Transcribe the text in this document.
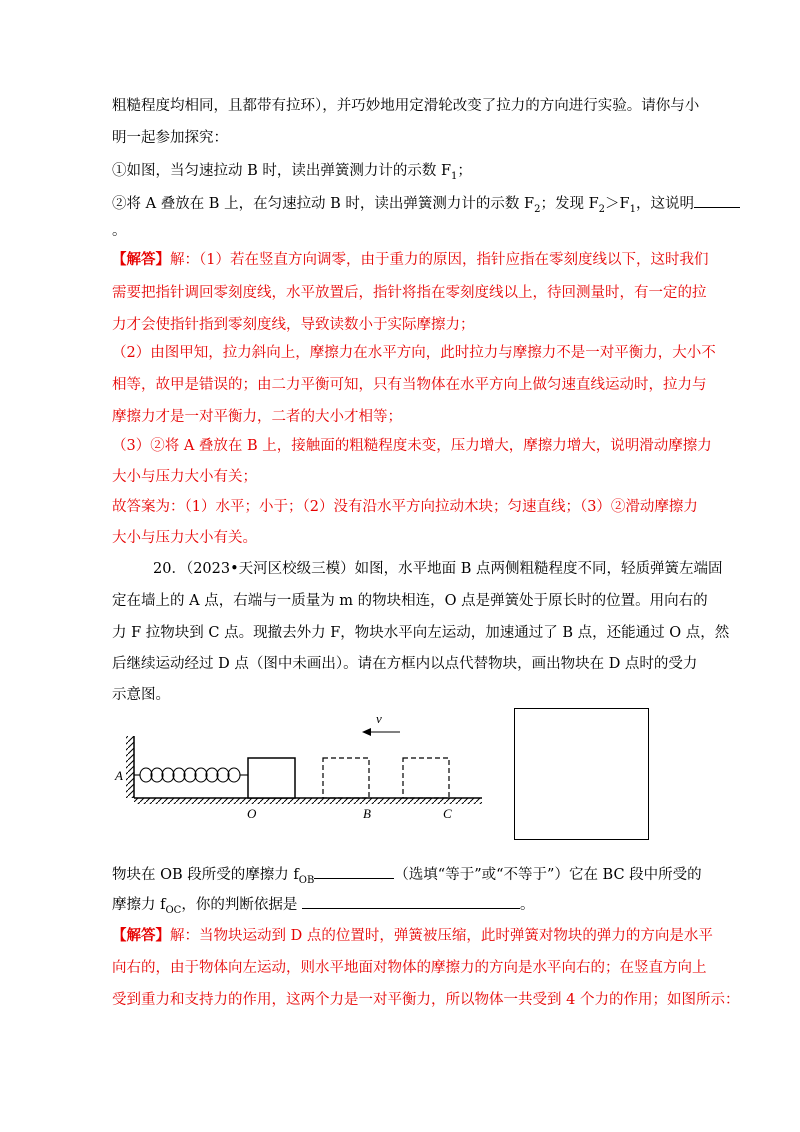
粗糙程度均相同，且都带有拉环），并巧妙地用定滑轮改变了拉力的方向进行实验。请你与小
明一起参加探究：
①如图，当匀速拉动 B 时，读出弹簧测力计的示数 $F_1$；
②将 A 叠放在 B 上，在匀速拉动 B 时，读出弹簧测力计的示数 $F_2$；发现 $F_2>F_1$，这说明
。
【解答】解：（1）若在竖直方向调零，由于重力的原因，指针应指在零刻度线以下，这时我们
需要把指针调回零刻度线，水平放置后，指针将指在零刻度线以上，待回测量时，有一定的拉
力才会使指针指到零刻度线，导致读数小于实际摩擦力；
（2）由图甲知，拉力斜向上，摩擦力在水平方向，此时拉力与摩擦力不是一对平衡力，大小不
相等，故甲是错误的；由二力平衡可知，只有当物体在水平方向上做匀速直线运动时，拉力与
摩擦力才是一对平衡力，二者的大小才相等；
（3）②将 A 叠放在 B 上，接触面的粗糙程度未变，压力增大，摩擦力增大，说明滑动摩擦力
大小与压力大小有关；
故答案为：（1）水平；小于；（2）没有沿水平方向拉动木块；匀速直线；（3）②滑动摩擦力
大小与压力大小有关。
20．（2023•天河区校级三模）如图，水平地面 B 点两侧粗糙程度不同，轻质弹簧左端固
定在墙上的 A 点，右端与一质量为 m 的物块相连，O 点是弹簧处于原长时的位置。用向右的
力 F 拉物块到 C 点。现撤去外力 F，物块水平向左运动，加速通过了 B 点，还能通过 O 点，然
后继续运动经过 D 点（图中未画出）。请在方框内以点代替物块，画出物块在 D 点时的受力
示意图。
v
A
O	B	C
物块在 OB 段所受的摩擦力 $f_{OB}$	（选填“等于”或“不等于”）它在 BC 段中所受的
摩擦力 $f_{OC}$，你的判断依据是	。
【解答】解：当物块运动到 D 点的位置时，弹簧被压缩，此时弹簧对物块的弹力的方向是水平
向右的，由于物体向左运动，则水平地面对物体的摩擦力的方向是水平向右的；在竖直方向上
受到重力和支持力的作用，这两个力是一对平衡力，所以物体一共受到 4 个力的作用；如图所示：
